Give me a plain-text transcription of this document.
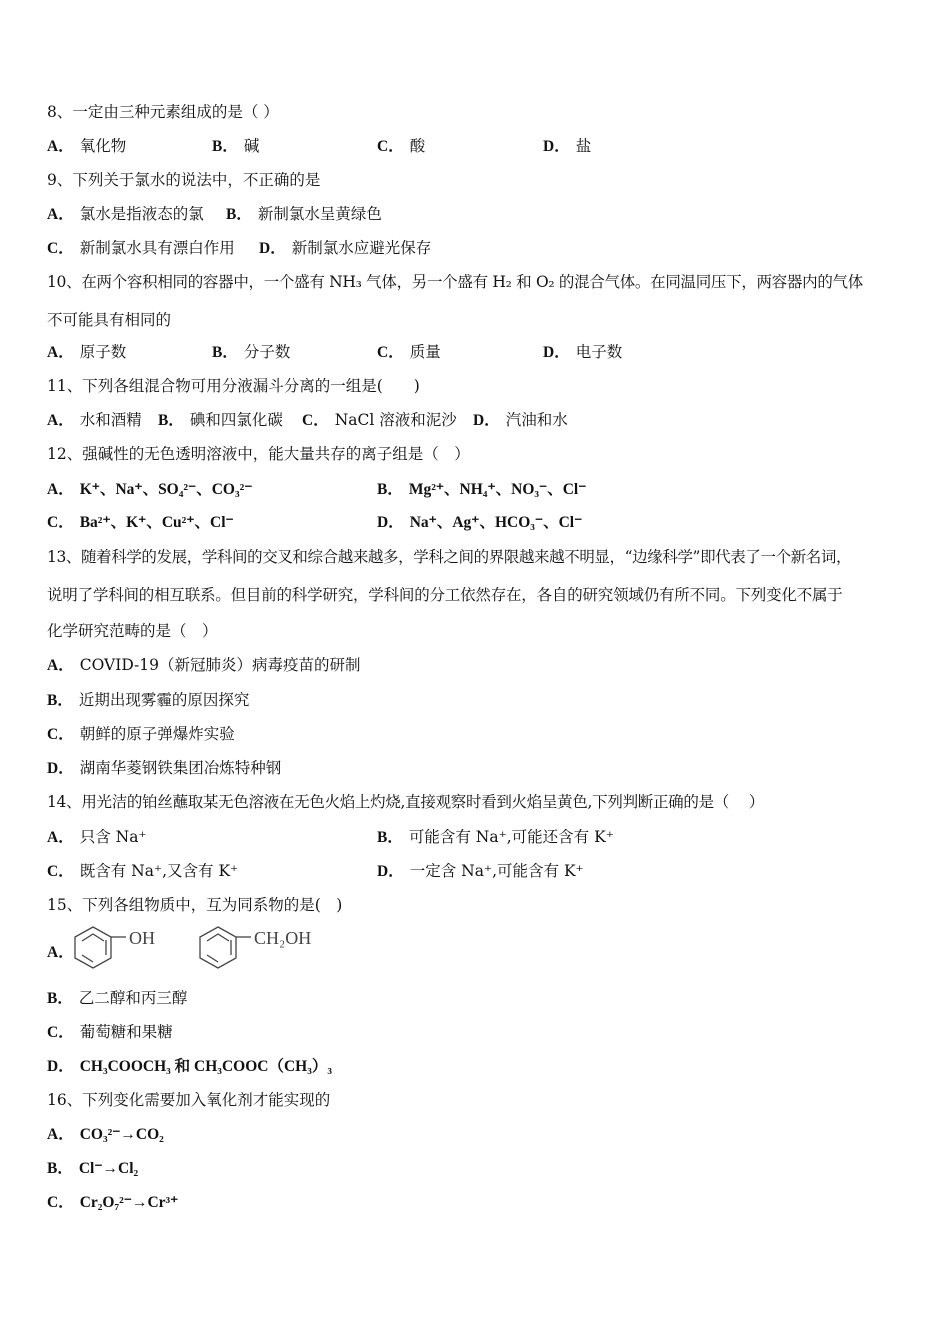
8、一定由三种元素组成的是（ ）
A． 氧化物	B． 碱	C． 酸	D． 盐
9、下列关于氯水的说法中，不正确的是
A． 氯水是指液态的氯 B． 新制氯水呈黄绿色
C． 新制氯水具有漂白作用 D． 新制氯水应避光保存
10、在两个容积相同的容器中，一个盛有 NH₃ 气体，另一个盛有 H₂ 和 O₂ 的混合气体。在同温同压下，两容器内的气体
不可能具有相同的
A． 原子数	B． 分子数	C． 质量	D． 电子数
11、下列各组混合物可用分液漏斗分离的一组是(　　)
A． 水和酒精 B． 碘和四氯化碳 C． NaCl 溶液和泥沙 D． 汽油和水
12、强碱性的无色透明溶液中，能大量共存的离子组是（　）
A． K⁺、Na⁺、SO₄²⁻、CO₃²⁻	B． Mg²⁺、NH₄⁺、NO₃⁻、Cl⁻
C． Ba²⁺、K⁺、Cu²⁺、Cl⁻	D． Na⁺、Ag⁺、HCO₃⁻、Cl⁻
13、随着科学的发展，学科间的交叉和综合越来越多，学科之间的界限越来越不明显，“边缘科学”即代表了一个新名词，
说明了学科间的相互联系。但目前的科学研究，学科间的分工依然存在，各自的研究领域仍有所不同。下列变化不属于
化学研究范畴的是（　）
A． COVID-19（新冠肺炎）病毒疫苗的研制
B． 近期出现雾霾的原因探究
C． 朝鲜的原子弹爆炸实验
D． 湖南华菱钢铁集团冶炼特种钢
14、用光洁的铂丝蘸取某无色溶液在无色火焰上灼烧,直接观察时看到火焰呈黄色,下列判断正确的是（　 ）
A． 只含 Na⁺	B． 可能含有 Na⁺,可能还含有 K⁺
C． 既含有 Na⁺,又含有 K⁺	D． 一定含 Na⁺,可能含有 K⁺
15、下列各组物质中，互为同系物的是(　)
A．
OH	CH₂OH
B． 乙二醇和丙三醇
C． 葡萄糖和果糖
D． CH₃COOCH₃ 和 CH₃COOC（CH₃）₃
16、下列变化需要加入氧化剂才能实现的
A． CO₃²⁻→CO₂
B． Cl⁻→Cl₂
C． Cr₂O₇²⁻→Cr³⁺
